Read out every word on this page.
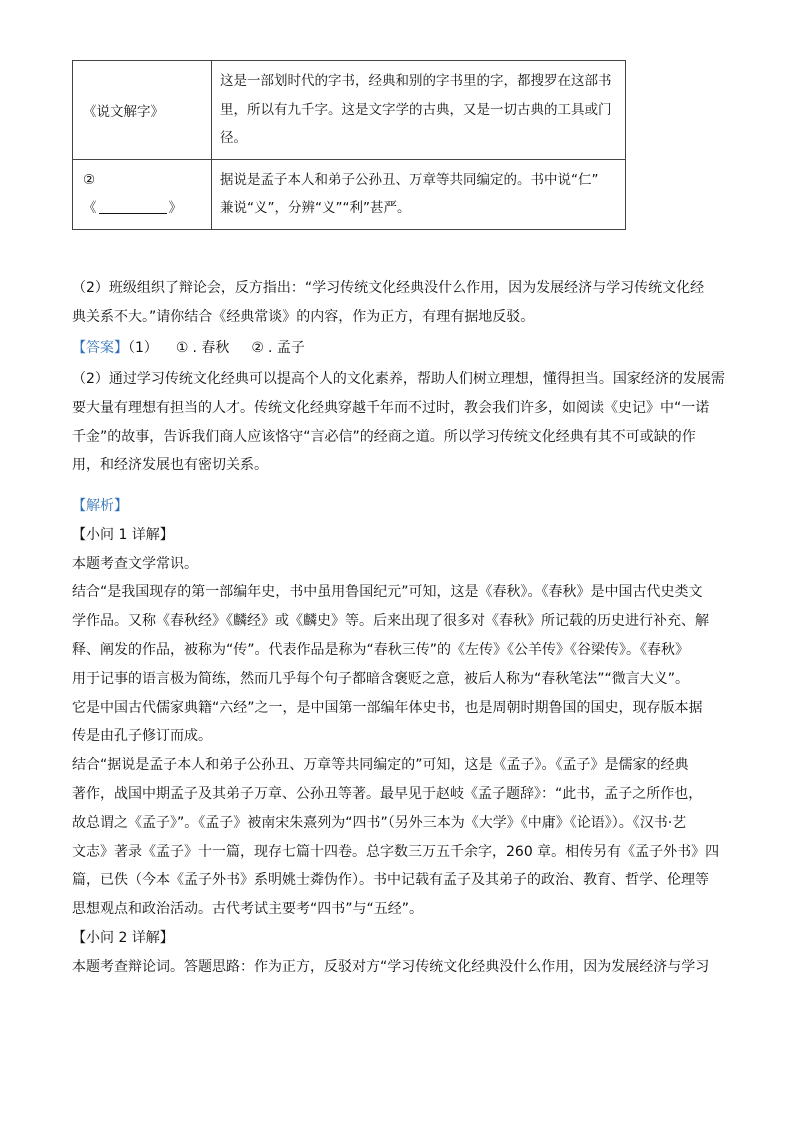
《说文解字》	这是一部划时代的字书，经典和别的字书里的字，都搜罗在这部书
里，所以有九千字。这是文字学的古典，又是一切古典的工具或门
径。

②
《 》	据说是孟子本人和弟子公孙丑、万章等共同编定的。书中说“仁”
兼说“义”，分辨“义”“利”甚严。
（2）班级组织了辩论会，反方指出：“学习传统文化经典没什么作用，因为发展经济与学习传统文化经
典关系不大。”请你结合《经典常谈》的内容，作为正方，有理有据地反驳。
【答案】（1） ① . 春秋 ② . 孟子
（2）通过学习传统文化经典可以提高个人的文化素养，帮助人们树立理想，懂得担当。国家经济的发展需
要大量有理想有担当的人才。传统文化经典穿越千年而不过时，教会我们许多，如阅读《史记》中“一诺
千金”的故事，告诉我们商人应该恪守“言必信”的经商之道。所以学习传统文化经典有其不可或缺的作
用，和经济发展也有密切关系。
【解析】
【小问 1 详解】
本题考查文学常识。
结合“是我国现存的第一部编年史，书中虽用鲁国纪元”可知，这是《春秋》。《春秋》是中国古代史类文
学作品。又称《春秋经》《麟经》或《麟史》等。后来出现了很多对《春秋》所记载的历史进行补充、解
释、阐发的作品，被称为“传”。代表作品是称为“春秋三传”的《左传》《公羊传》《谷梁传》。《春秋》
用于记事的语言极为简练，然而几乎每个句子都暗含褒贬之意，被后人称为“春秋笔法”“微言大义”。
它是中国古代儒家典籍“六经”之一，是中国第一部编年体史书，也是周朝时期鲁国的国史，现存版本据
传是由孔子修订而成。
结合“据说是孟子本人和弟子公孙丑、万章等共同编定的”可知，这是《孟子》。《孟子》是儒家的经典
著作，战国中期孟子及其弟子万章、公孙丑等著。最早见于赵岐《孟子题辞》：“此书，孟子之所作也，
故总谓之《孟子》”。《孟子》被南宋朱熹列为“四书”（另外三本为《大学》《中庸》《论语》）。《汉书·艺
文志》著录《孟子》十一篇，现存七篇十四卷。总字数三万五千余字，260 章。相传另有《孟子外书》四
篇，已佚（今本《孟子外书》系明姚士粦伪作）。书中记载有孟子及其弟子的政治、教育、哲学、伦理等
思想观点和政治活动。古代考试主要考“四书”与“五经”。
【小问 2 详解】
本题考查辩论词。答题思路：作为正方，反驳对方“学习传统文化经典没什么作用，因为发展经济与学习
